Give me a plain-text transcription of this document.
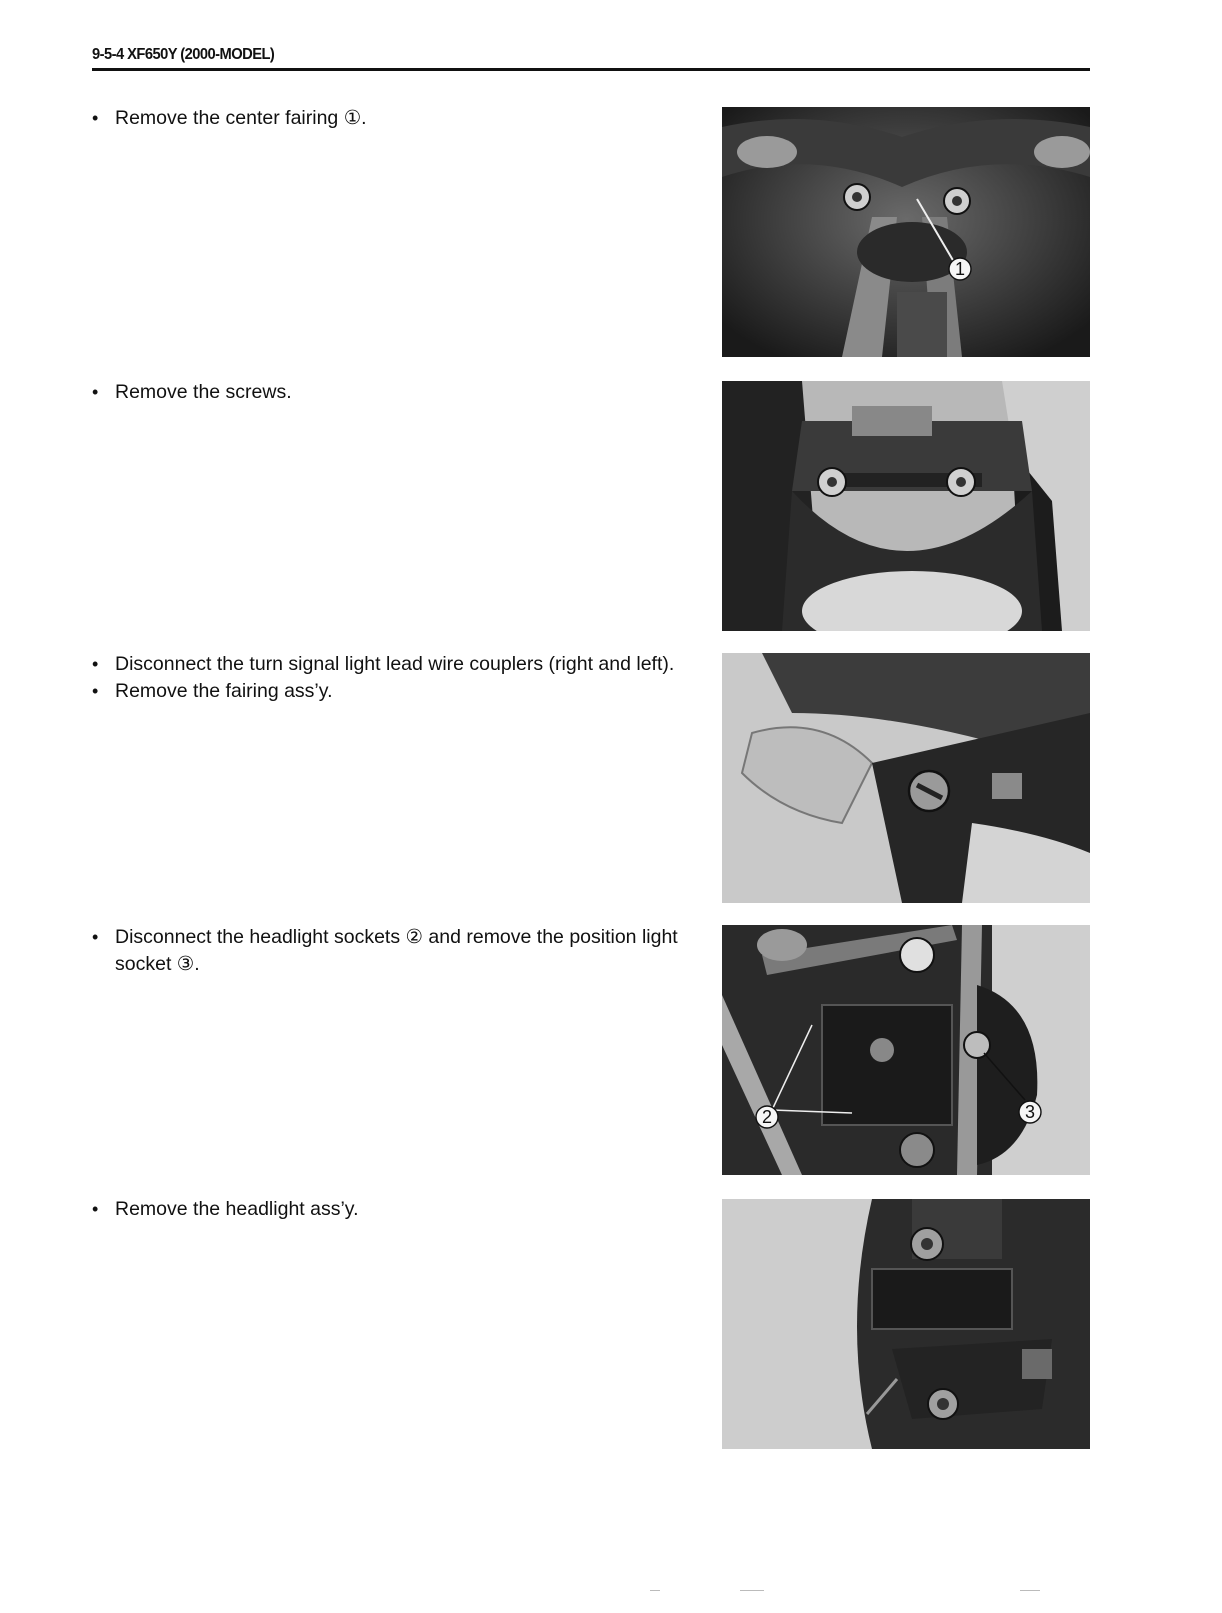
9-5-4 XF650Y (2000-MODEL)
• Remove the center fairing ①.
1
• Remove the screws.
• Disconnect the turn signal light lead wire couplers (right and left).
• Remove the fairing ass’y.
• Disconnect the headlight sockets ② and remove the position light socket ③.
2	3
• Remove the headlight ass’y.
